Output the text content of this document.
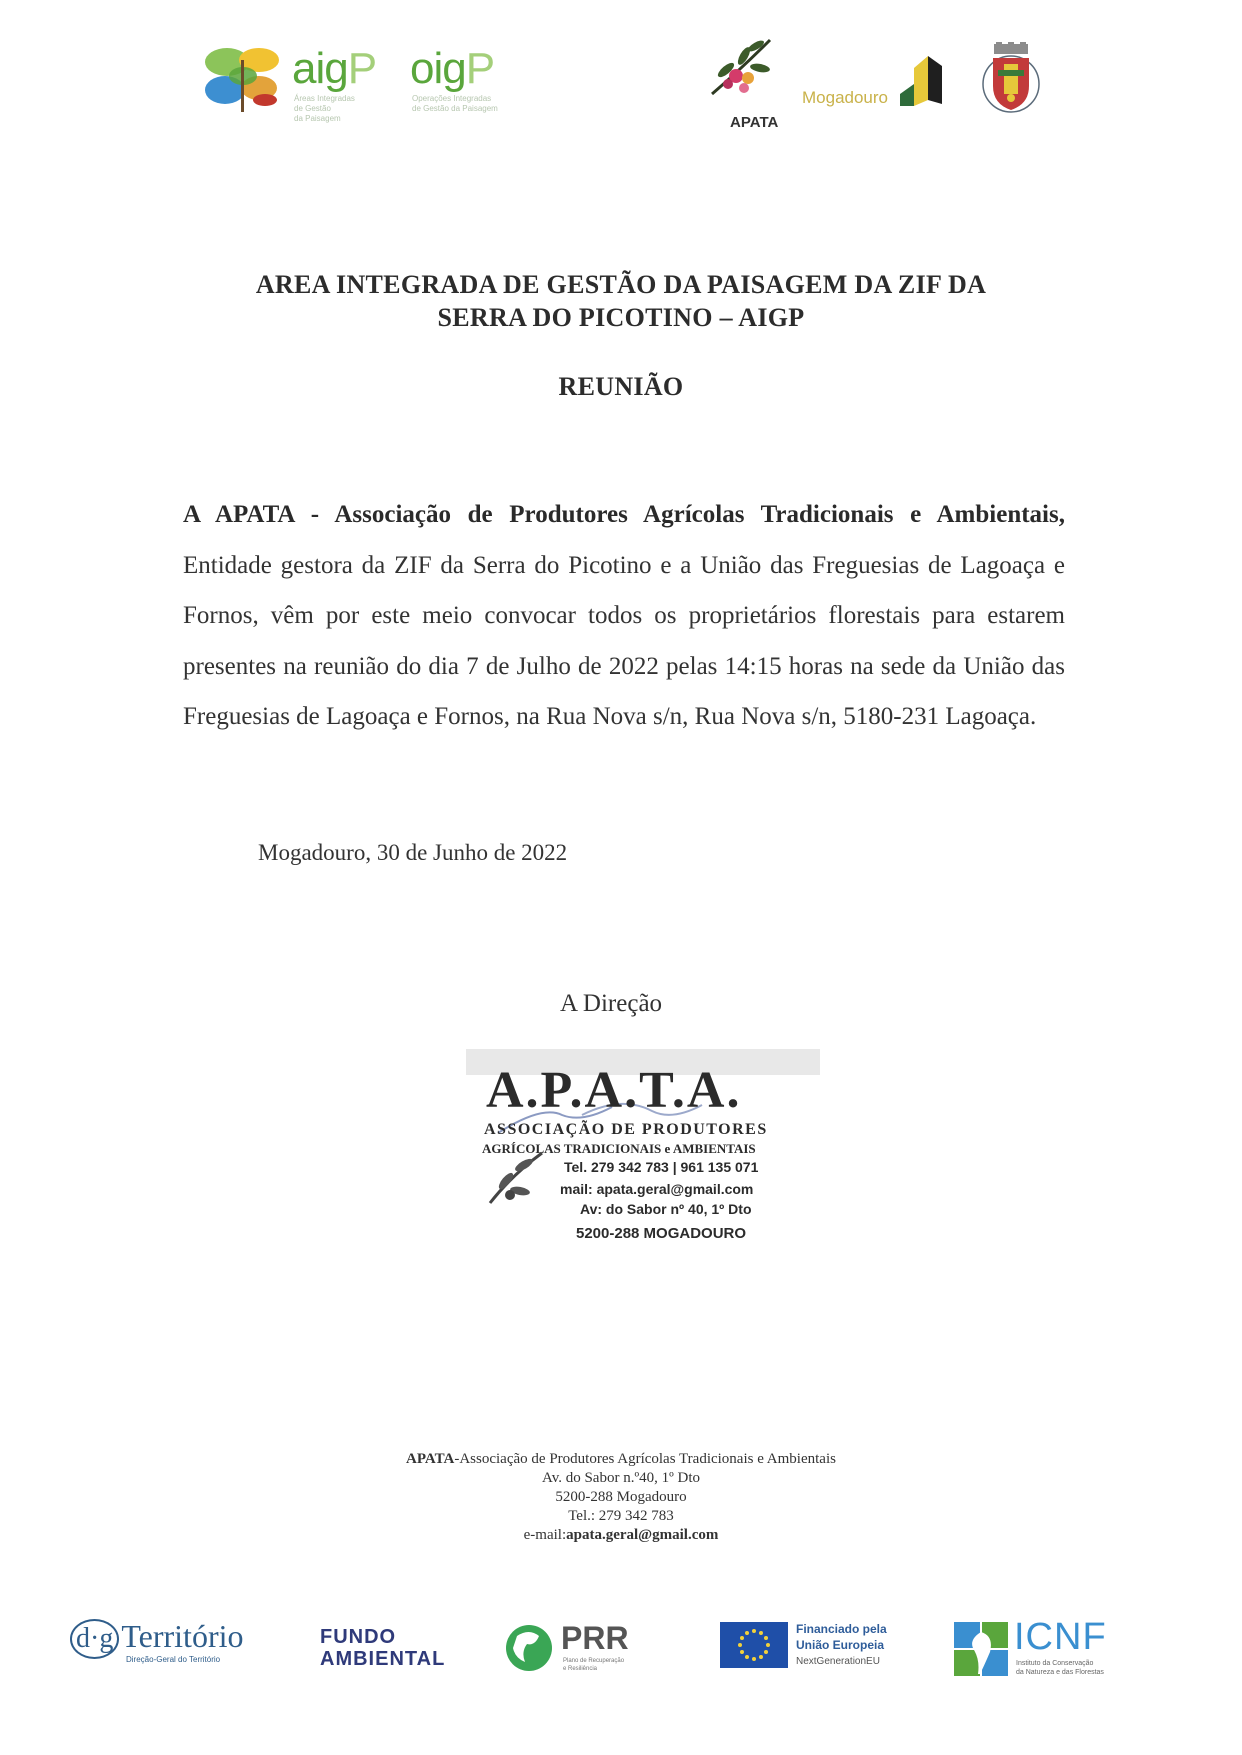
aigP
Áreas Integradas
de Gestão
da Paisagem
oigP
Operações Integradas
de Gestão da Paisagem
APATA
Mogadouro
AREA INTEGRADA DE GESTÃO DA PAISAGEM DA ZIF DA
SERRA DO PICOTINO – AIGP
REUNIÃO
A APATA - Associação de Produtores Agrícolas Tradicionais e Ambientais, Entidade gestora da ZIF da Serra do Picotino e a União das Freguesias de Lagoaça e Fornos, vêm por este meio convocar todos os proprietários florestais para estarem presentes na reunião do dia 7 de Julho de 2022 pelas 14:15 horas na sede da União das Freguesias de Lagoaça e Fornos, na Rua Nova s/n, Rua Nova s/n, 5180-231 Lagoaça.
Mogadouro, 30 de Junho de 2022
A Direção
A.P.A.T.A.
ASSOCIAÇÃO DE PRODUTORES
AGRÍCOLAS TRADICIONAIS e AMBIENTAIS
Tel. 279 342 783 | 961 135 071
mail: apata.geral@gmail.com
Av: do Sabor nº 40, 1º Dto
5200-288 MOGADOURO
APATA-Associação de Produtores Agrícolas Tradicionais e Ambientais
Av. do Sabor n.º40, 1º Dto
5200-288 Mogadouro
Tel.: 279 342 783
e-mail:apata.geral@gmail.com
d·g Território
Direção-Geral do Território
FUNDO
AMBIENTAL
PRR
Plano de Recuperação
e Resiliência
Financiado pela
União Europeia
NextGenerationEU
ICNF
Instituto da Conservação
da Natureza e das Florestas
